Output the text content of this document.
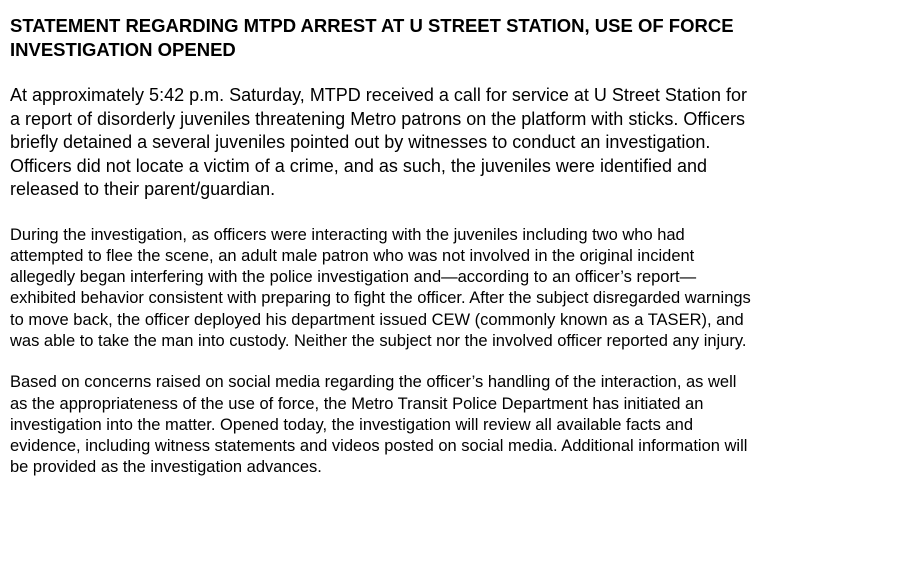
STATEMENT REGARDING MTPD ARREST AT U STREET STATION, USE OF FORCE
INVESTIGATION OPENED

At approximately 5:42 p.m. Saturday, MTPD received a call for service at U Street Station for
a report of disorderly juveniles threatening Metro patrons on the platform with sticks. Officers
briefly detained a several juveniles pointed out by witnesses to conduct an investigation.
Officers did not locate a victim of a crime, and as such, the juveniles were identified and
released to their parent/guardian.

During the investigation, as officers were interacting with the juveniles including two who had
attempted to flee the scene, an adult male patron who was not involved in the original incident
allegedly began interfering with the police investigation and—according to an officer’s report—
exhibited behavior consistent with preparing to fight the officer. After the subject disregarded warnings
to move back, the officer deployed his department issued CEW (commonly known as a TASER), and
was able to take the man into custody. Neither the subject nor the involved officer reported any injury.

Based on concerns raised on social media regarding the officer’s handling of the interaction, as well
as the appropriateness of the use of force, the Metro Transit Police Department has initiated an
investigation into the matter. Opened today, the investigation will review all available facts and
evidence, including witness statements and videos posted on social media. Additional information will
be provided as the investigation advances.
